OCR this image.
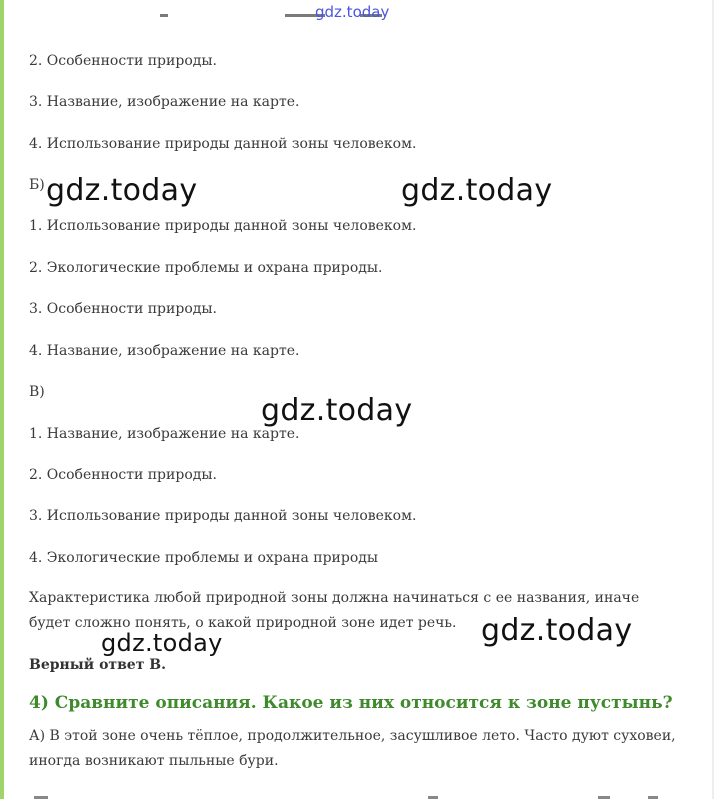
gdz.today
2. Особенности природы.
3. Название, изображение на карте.
4. Использование природы данной зоны человеком.
Б)
1. Использование природы данной зоны человеком.
2. Экологические проблемы и охрана природы.
3. Особенности природы.
4. Название, изображение на карте.
В)
1. Название, изображение на карте.
2. Особенности природы.
3. Использование природы данной зоны человеком.
4. Экологические проблемы и охрана природы
Характеристика любой природной зоны должна начинаться с ее названия, иначе будет сложно понять, о какой природной зоне идет речь.
Верный ответ В.
4) Сравните описания. Какое из них относится к зоне пустынь?
А) В этой зоне очень тёплое, продолжительное, засушливое лето. Часто дуют суховеи, иногда возникают пыльные бури.
gdz.today	gdz.today
gdz.today
gdz.today	gdz.today
